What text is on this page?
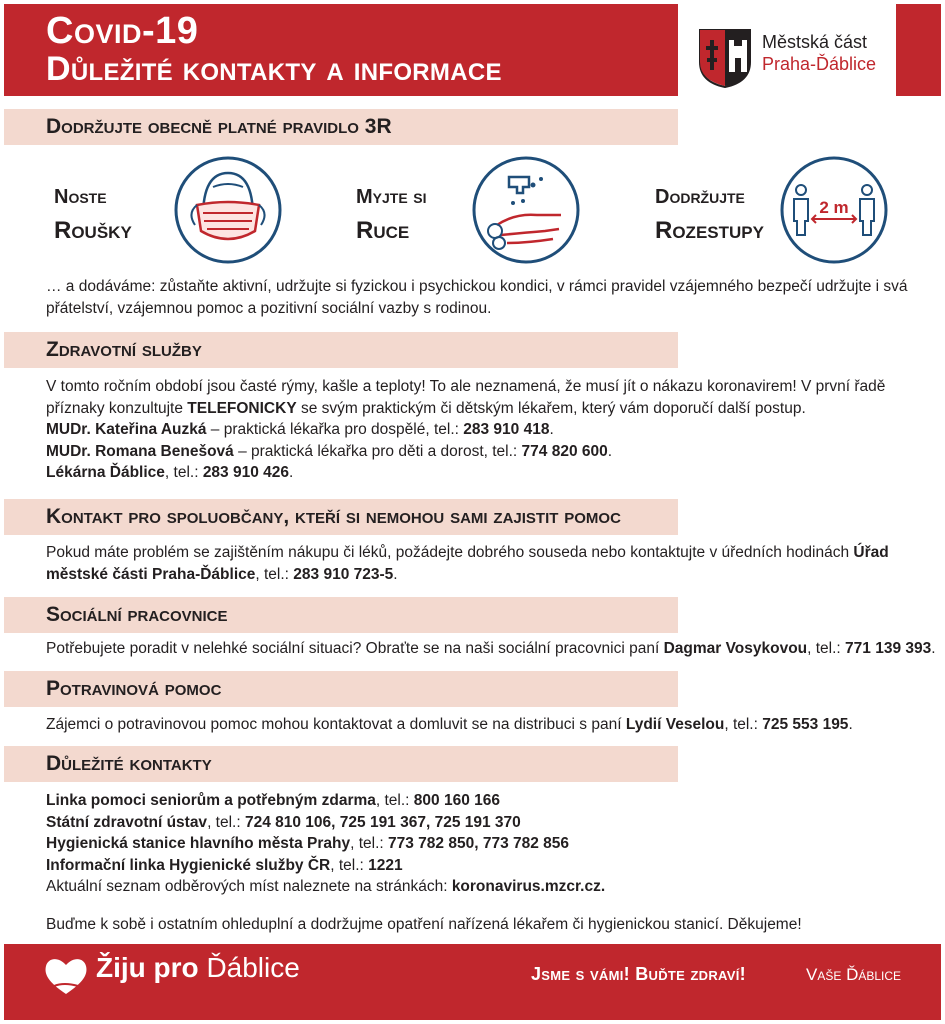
Covid-19
Důležité kontakty a informace
Městská část
Praha-Ďáblice
Dodržujte obecně platné pravidlo 3R
Noste
Roušky
Myjte si
Ruce
Dodržujte
Rozestupy
2 m
… a dodáváme: zůstaňte aktivní, udržujte si fyzickou i psychickou kondici, v rámci pravidel vzájemného bezpečí udržujte i svá
přátelství, vzájemnou pomoc a pozitivní sociální vazby s rodinou.
Zdravotní služby
V tomto ročním období jsou časté rýmy, kašle a teploty! To ale neznamená, že musí jít o nákazu koronavirem! V první řadě
příznaky konzultujte TELEFONICKY se svým praktickým či dětským lékařem, který vám doporučí další postup.
MUDr. Kateřina Auzká – praktická lékařka pro dospělé, tel.: 283 910 418.
MUDr. Romana Benešová – praktická lékařka pro děti a dorost, tel.: 774 820 600.
Lékárna Ďáblice, tel.: 283 910 426.
Kontakt pro spoluobčany, kteří si nemohou sami zajistit pomoc
Pokud máte problém se zajištěním nákupu či léků, požádejte dobrého souseda nebo kontaktujte v úředních hodinách Úřad
městské části Praha-Ďáblice, tel.: 283 910 723-5.
Sociální pracovnice
Potřebujete poradit v nelehké sociální situaci? Obraťte se na naši sociální pracovnici paní Dagmar Vosykovou, tel.: 771 139 393.
Potravinová pomoc
Zájemci o potravinovou pomoc mohou kontaktovat a domluvit se na distribuci s paní Lydií Veselou, tel.: 725 553 195.
Důležité kontakty
Linka pomoci seniorům a potřebným zdarma, tel.: 800 160 166
Státní zdravotní ústav, tel.: 724 810 106, 725 191 367, 725 191 370
Hygienická stanice hlavního města Prahy, tel.: 773 782 850, 773 782 856
Informační linka Hygienické služby ČR, tel.: 1221
Aktuální seznam odběrových míst naleznete na stránkách: koronavirus.mzcr.cz.
Buďme k sobě i ostatním ohleduplní a dodržujme opatření nařízená lékařem či hygienickou stanicí. Děkujeme!
Žiju pro Ďáblice	Jsme s vámi! Buďte zdraví!	Vaše Ďáblice
